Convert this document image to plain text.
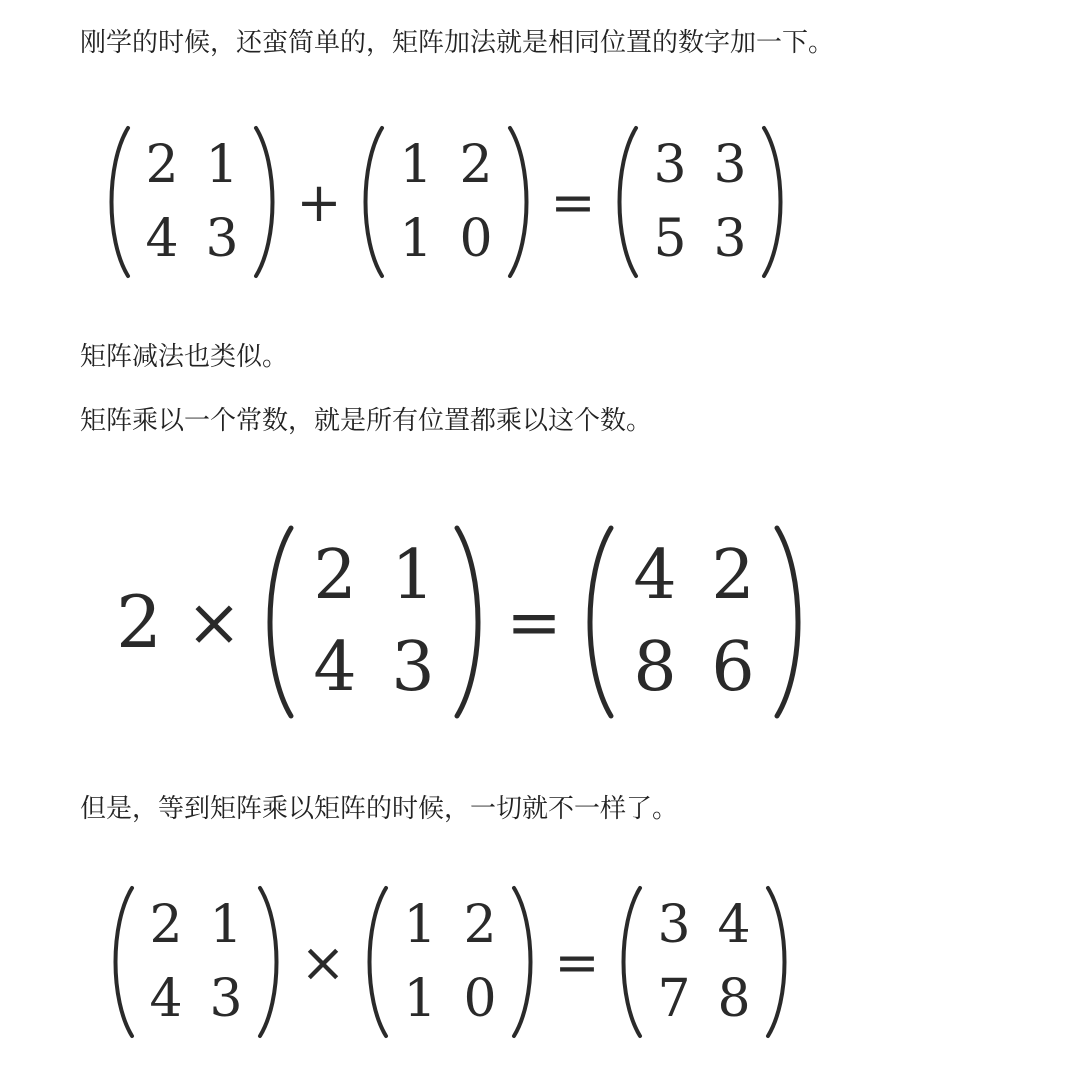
刚学的时候，还蛮简单的，矩阵加法就是相同位置的数字加一下。
2 1
4 3
+
1 2
1 0
=
3 3
5 3
矩阵减法也类似。
矩阵乘以一个常数，就是所有位置都乘以这个数。
2 ×
2 1
4 3
=
4 2
8 6
但是，等到矩阵乘以矩阵的时候，一切就不一样了。
2 1
4 3
×
1 2
1 0
=
3 4
7 8
